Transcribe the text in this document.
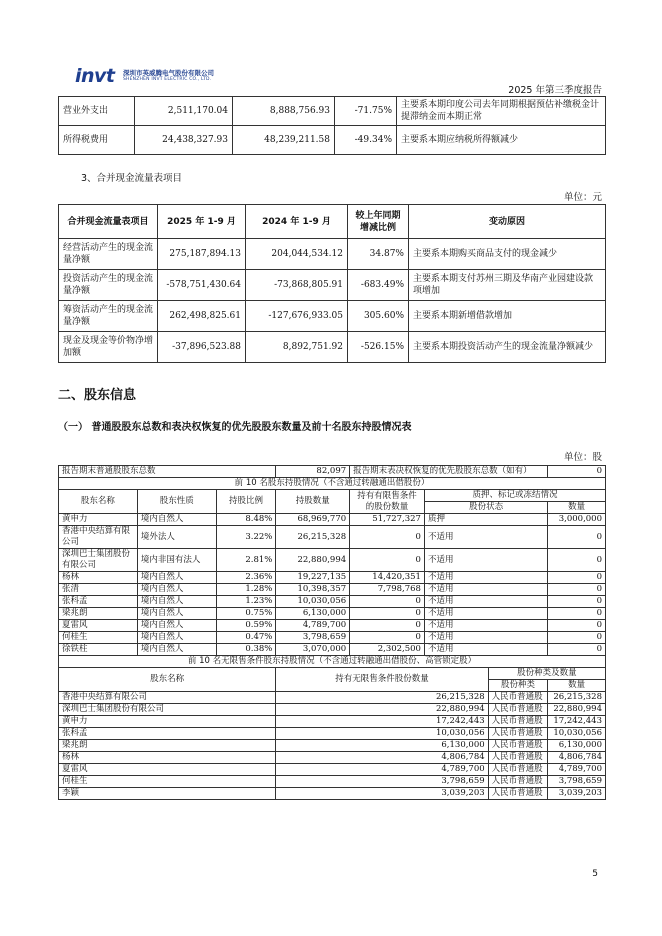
invt 深圳市英威腾电气股份有限公司
SHENZHEN INVT ELECTRIC CO., LTD.
2025 年第三季度报告
营业外支出	2,511,170.04	8,888,756.93	-71.75%	主要系本期印度公司去年同期根据预估补缴税金计提滞纳金而本期正常
所得税费用	24,438,327.93	48,239,211.58	-49.34%	主要系本期应纳税所得额减少
3、合并现金流量表项目
单位：元
合并现金流量表项目	2025 年 1-9 月	2024 年 1-9 月	较上年同期增减比例	变动原因
经营活动产生的现金流量净额	275,187,894.13	204,044,534.12	34.87%	主要系本期购买商品支付的现金减少
投资活动产生的现金流量净额	-578,751,430.64	-73,868,805.91	-683.49%	主要系本期支付苏州三期及华南产业园建设款项增加
筹资活动产生的现金流量净额	262,498,825.61	-127,676,933.05	305.60%	主要系本期新增借款增加
现金及现金等价物净增加额	-37,896,523.88	8,892,751.92	-526.15%	主要系本期投资活动产生的现金流量净额减少
二、股东信息
（一） 普通股股东总数和表决权恢复的优先股股东数量及前十名股东持股情况表
单位：股
报告期末普通股股东总数			82,097	报告期末表决权恢复的优先股股东总数（如有）			0
前 10 名股东持股情况（不含通过转融通出借股份）							
股东名称	股东性质	持股比例	持股数量	持有有限售条件的股份数量	质押、标记或冻结情况		
					股份状态		数量
黄申力	境内自然人	8.48%	68,969,770	51,727,327	质押		3,000,000
香港中央结算有限公司	境外法人	3.22%	26,215,328	0	不适用		0
深圳巴士集团股份有限公司	境内非国有法人	2.81%	22,880,994	0	不适用		0
杨林	境内自然人	2.36%	19,227,135	14,420,351	不适用		0
张清	境内自然人	1.28%	10,398,357	7,798,768	不适用		0
张科孟	境内自然人	1.23%	10,030,056	0	不适用		0
梁兆朗	境内自然人	0.75%	6,130,000	0	不适用		0
夏雷风	境内自然人	0.59%	4,789,700	0	不适用		0
何桂生	境内自然人	0.47%	3,798,659	0	不适用		0
徐铁柱	境内自然人	0.38%	3,070,000	2,302,500	不适用		0
前 10 名无限售条件股东持股情况（不含通过转融通出借股份、高管锁定股）							
股东名称			持有无限售条件股份数量			股份种类及数量	
						股份种类	数量
香港中央结算有限公司			26,215,328			人民币普通股	26,215,328
深圳巴士集团股份有限公司			22,880,994			人民币普通股	22,880,994
黄申力			17,242,443			人民币普通股	17,242,443
张科孟			10,030,056			人民币普通股	10,030,056
梁兆朗			6,130,000			人民币普通股	6,130,000
杨林			4,806,784			人民币普通股	4,806,784
夏雷风			4,789,700			人民币普通股	4,789,700
何桂生			3,798,659			人民币普通股	3,798,659
李颖			3,039,203			人民币普通股	3,039,203
5
